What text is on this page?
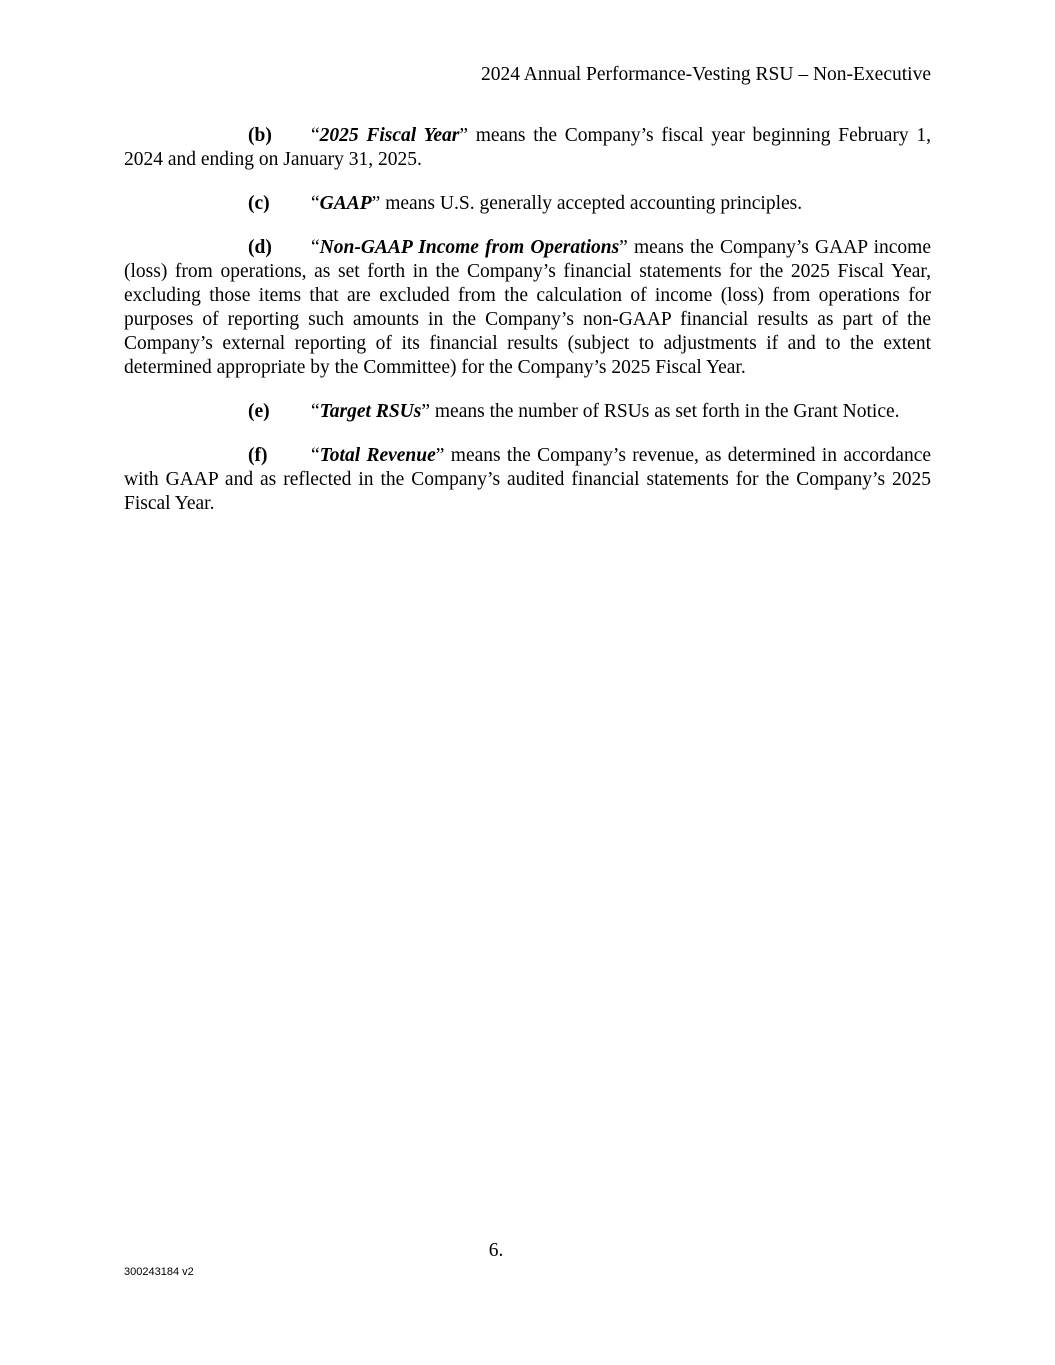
2024 Annual Performance-Vesting RSU – Non-Executive

(b) “2025 Fiscal Year” means the Company’s fiscal year beginning February 1, 2024 and ending on January 31, 2025.

(c) “GAAP” means U.S. generally accepted accounting principles.

(d) “Non-GAAP Income from Operations” means the Company’s GAAP income (loss) from operations, as set forth in the Company’s financial statements for the 2025 Fiscal Year, excluding those items that are excluded from the calculation of income (loss) from operations for purposes of reporting such amounts in the Company’s non-GAAP financial results as part of the Company’s external reporting of its financial results (subject to adjustments if and to the extent determined appropriate by the Committee) for the Company’s 2025 Fiscal Year.

(e) “Target RSUs” means the number of RSUs as set forth in the Grant Notice.

(f) “Total Revenue” means the Company’s revenue, as determined in accordance with GAAP and as reflected in the Company’s audited financial statements for the Company’s 2025 Fiscal Year.

6.
300243184 v2
